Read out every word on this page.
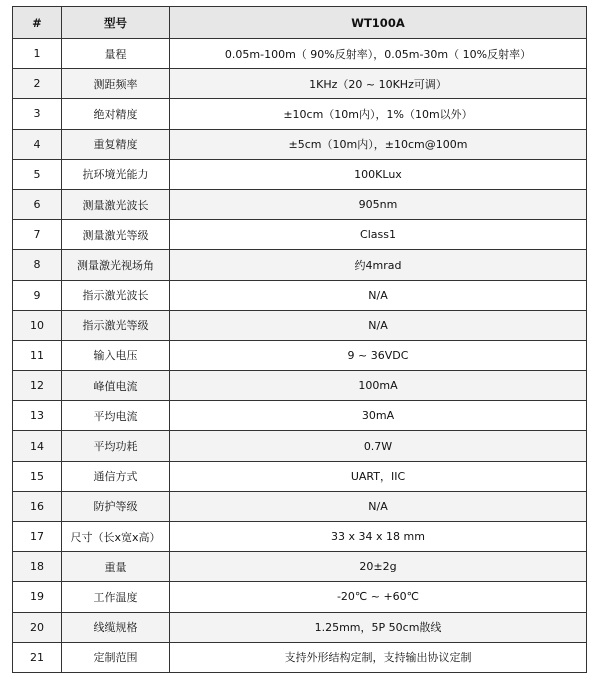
#	型号	WT100A
1	量程	0.05m-100m（ 90%反射率），0.05m-30m（ 10%反射率）
2	测距频率	1KHz（20 ~ 10KHz可调）
3	绝对精度	±10cm（10m内），1%（10m以外）
4	重复精度	±5cm（10m内），±10cm@100m
5	抗环境光能力	100KLux
6	测量激光波长	905nm
7	测量激光等级	Class1
8	测量激光视场角	约4mrad
9	指示激光波长	N/A
10	指示激光等级	N/A
11	输入电压	9 ~ 36VDC
12	峰值电流	100mA
13	平均电流	30mA
14	平均功耗	0.7W
15	通信方式	UART，IIC
16	防护等级	N/A
17	尺寸（长x宽x高）	33 x 34 x 18 mm
18	重量	20±2g
19	工作温度	-20℃ ~ +60℃
20	线缆规格	1.25mm，5P 50cm散线
21	定制范围	支持外形结构定制，支持输出协议定制
